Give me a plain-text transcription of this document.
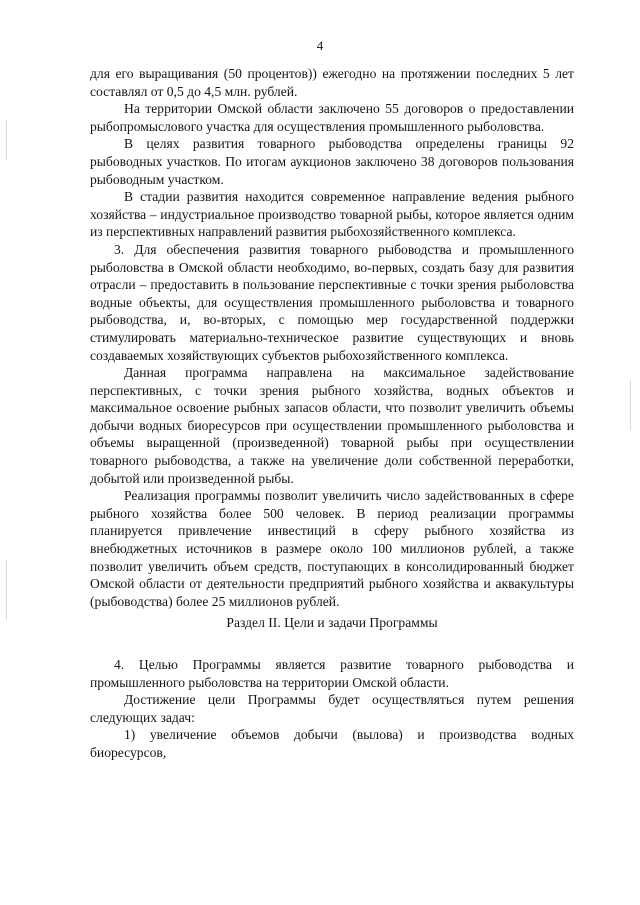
4

для его выращивания (50 процентов)) ежегодно на протяжении последних 5 лет составлял от 0,5 до 4,5 млн. рублей.

На территории Омской области заключено 55 договоров о предоставлении рыбопромыслового участка для осуществления промышленного рыболовства.

В целях развития товарного рыбоводства определены границы 92 рыбоводных участков. По итогам аукционов заключено 38 договоров пользования рыбоводным участком.

В стадии развития находится современное направление ведения рыбного хозяйства – индустриальное производство товарной рыбы, которое является одним из перспективных направлений развития рыбохозяйственного комплекса.

3. Для обеспечения развития товарного рыбоводства и промышленного рыболовства в Омской области необходимо, во-первых, создать базу для развития отрасли – предоставить в пользование перспективные с точки зрения рыболовства водные объекты, для осуществления промышленного рыболовства и товарного рыбоводства, и, во-вторых, с помощью мер государственной поддержки стимулировать материально-техническое развитие существующих и вновь создаваемых хозяйствующих субъектов рыбохозяйственного комплекса.

Данная программа направлена на максимальное задействование перспективных, с точки зрения рыбного хозяйства, водных объектов и максимальное освоение рыбных запасов области, что позволит увеличить объемы добычи водных биоресурсов при осуществлении промышленного рыболовства и объемы выращенной (произведенной) товарной рыбы при осуществлении товарного рыбоводства, а также на увеличение доли собственной переработки, добытой или произведенной рыбы.

Реализация программы позволит увеличить число задействованных в сфере рыбного хозяйства более 500 человек. В период реализации программы планируется привлечение инвестиций в сферу рыбного хозяйства из внебюджетных источников в размере около 100 миллионов рублей, а также позволит увеличить объем средств, поступающих в консолидированный бюджет Омской области от деятельности предприятий рыбного хозяйства и аквакультуры (рыбоводства) более 25 миллионов рублей.

Раздел II. Цели и задачи Программы

4. Целью Программы является развитие товарного рыбоводства и промышленного рыболовства на территории Омской области.

Достижение цели Программы будет осуществляться путем решения следующих задач:

1) увеличение объемов добычи (вылова) и производства водных биоресурсов,
